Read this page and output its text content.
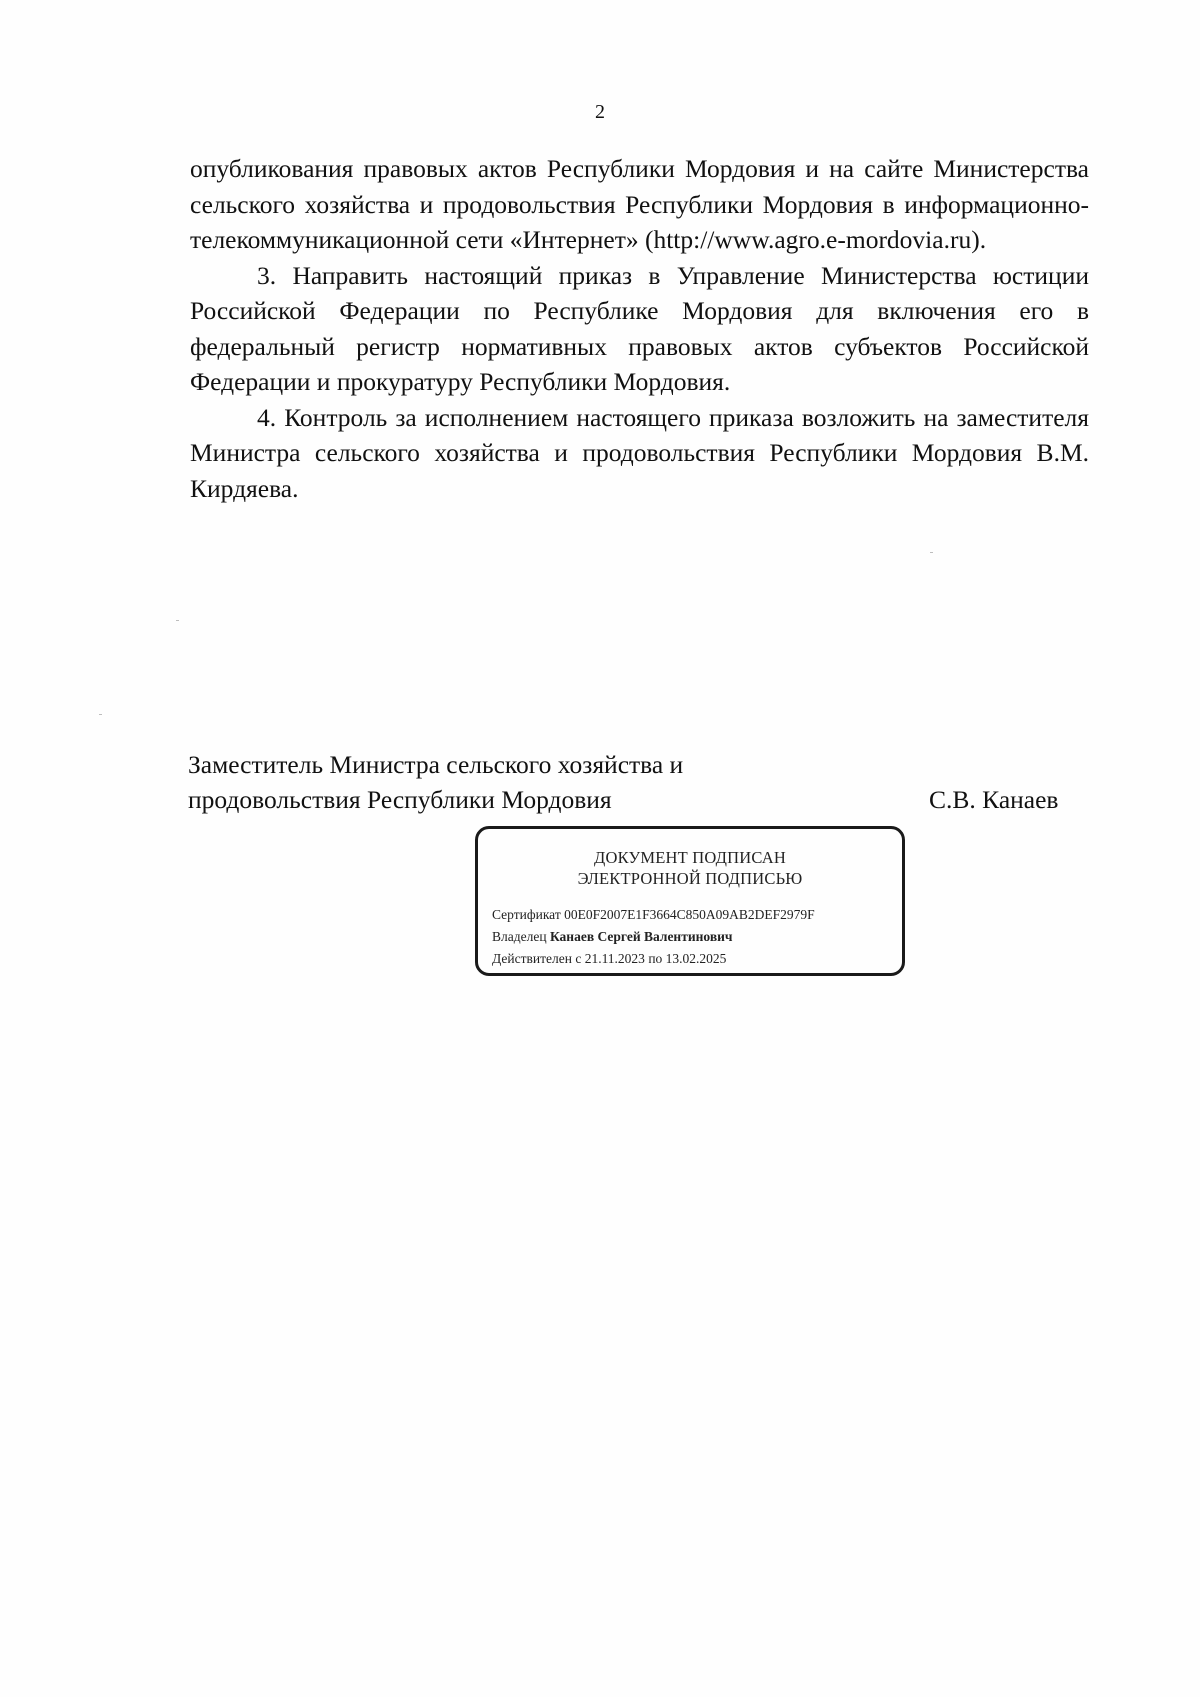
2

опубликования правовых актов Республики Мордовия и на сайте Министерства сельского хозяйства и продовольствия Республики Мордовия в информационно-телекоммуникационной сети «Интернет» (http://www.agro.e-mordovia.ru).

3. Направить настоящий приказ в Управление Министерства юстиции Российской Федерации по Республике Мордовия для включения его в федеральный регистр нормативных правовых актов субъектов Российской Федерации и прокуратуру Республики Мордовия.

4. Контроль за исполнением настоящего приказа возложить на заместителя Министра сельского хозяйства и продовольствия Республики Мордовия В.М. Кирдяева.

Заместитель Министра сельского хозяйства и
продовольствия Республики Мордовия	С.В. Канаев
ДОКУМЕНТ ПОДПИСАН
ЭЛЕКТРОННОЙ ПОДПИСЬЮ
Сертификат 00E0F2007E1F3664C850A09AB2DEF2979F
Владелец Канаев Сергей Валентинович
Действителен с 21.11.2023 по 13.02.2025
